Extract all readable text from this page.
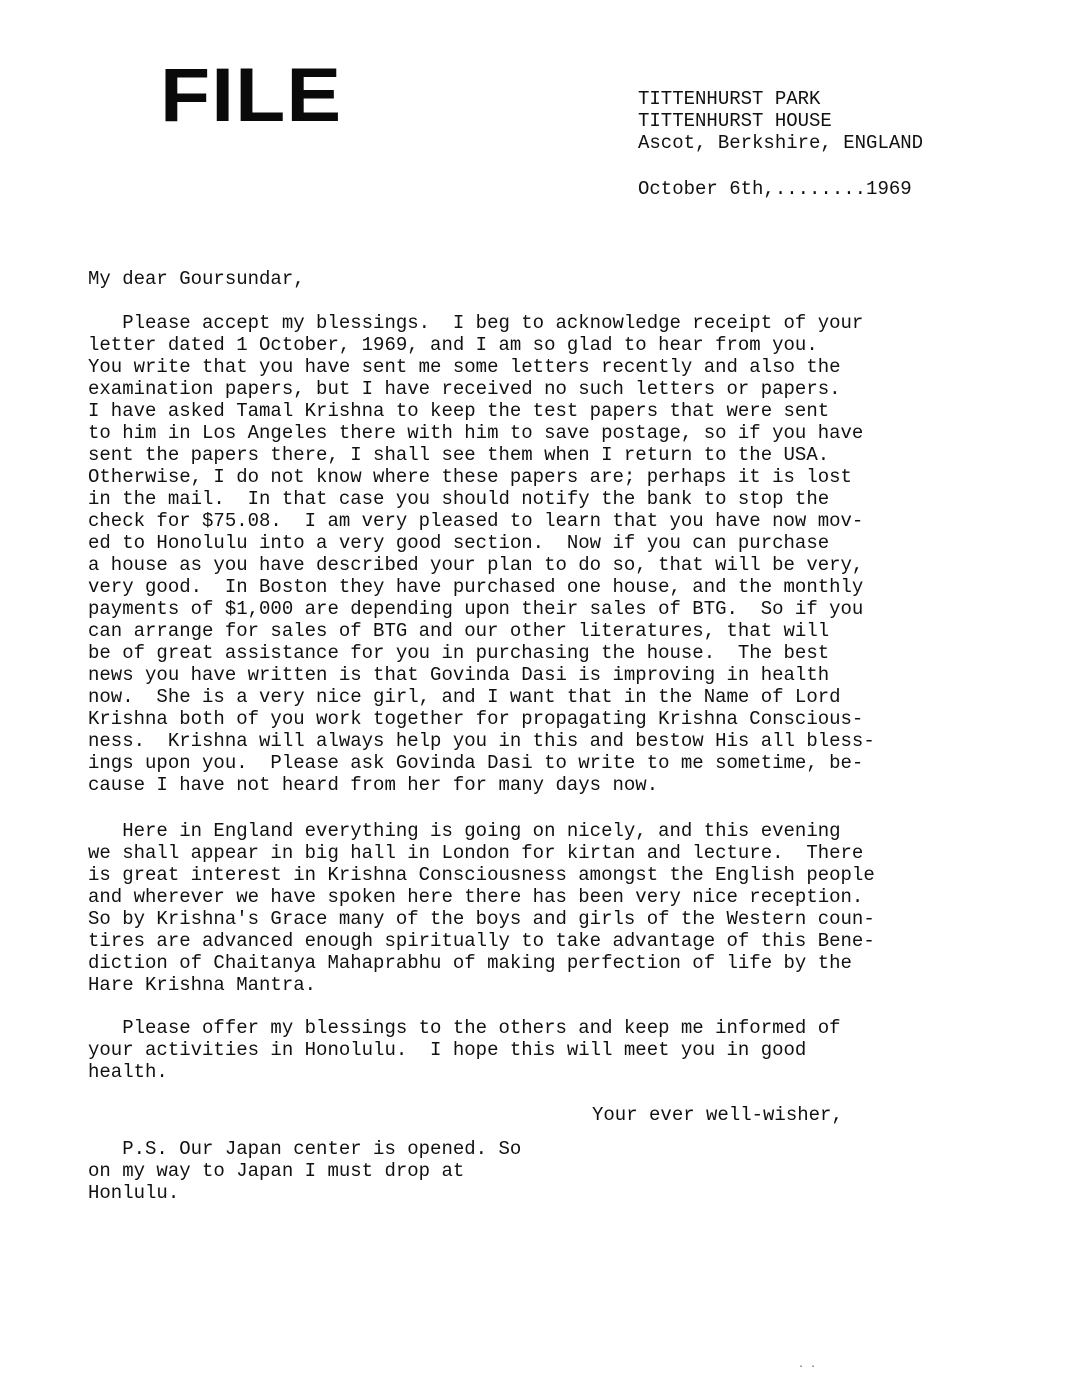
FILE	TITTENHURST PARK
TITTENHURST HOUSE
Ascot, Berkshire, ENGLAND
October 6th,........1969
My dear Goursundar,
Please accept my blessings.  I beg to acknowledge receipt of your
letter dated 1 October, 1969, and I am so glad to hear from you.
You write that you have sent me some letters recently and also the
examination papers, but I have received no such letters or papers.
I have asked Tamal Krishna to keep the test papers that were sent
to him in Los Angeles there with him to save postage, so if you have
sent the papers there, I shall see them when I return to the USA.
Otherwise, I do not know where these papers are; perhaps it is lost
in the mail.  In that case you should notify the bank to stop the
check for $75.08.  I am very pleased to learn that you have now mov-
ed to Honolulu into a very good section.  Now if you can purchase
a house as you have described your plan to do so, that will be very,
very good.  In Boston they have purchased one house, and the monthly
payments of $1,000 are depending upon their sales of BTG.  So if you
can arrange for sales of BTG and our other literatures, that will
be of great assistance for you in purchasing the house.  The best
news you have written is that Govinda Dasi is improving in health
now.  She is a very nice girl, and I want that in the Name of Lord
Krishna both of you work together for propagating Krishna Conscious-
ness.  Krishna will always help you in this and bestow His all bless-
ings upon you.  Please ask Govinda Dasi to write to me sometime, be-
cause I have not heard from her for many days now.
Here in England everything is going on nicely, and this evening
we shall appear in big hall in London for kirtan and lecture.  There
is great interest in Krishna Consciousness amongst the English people
and wherever we have spoken here there has been very nice reception.
So by Krishna's Grace many of the boys and girls of the Western coun-
tires are advanced enough spiritually to take advantage of this Bene-
diction of Chaitanya Mahaprabhu of making perfection of life by the
Hare Krishna Mantra.
Please offer my blessings to the others and keep me informed of
your activities in Honolulu.  I hope this will meet you in good
health.
Your ever well-wisher,
P.S. Our Japan center is opened. So
on my way to Japan I must drop at
Honlulu.
· ·
